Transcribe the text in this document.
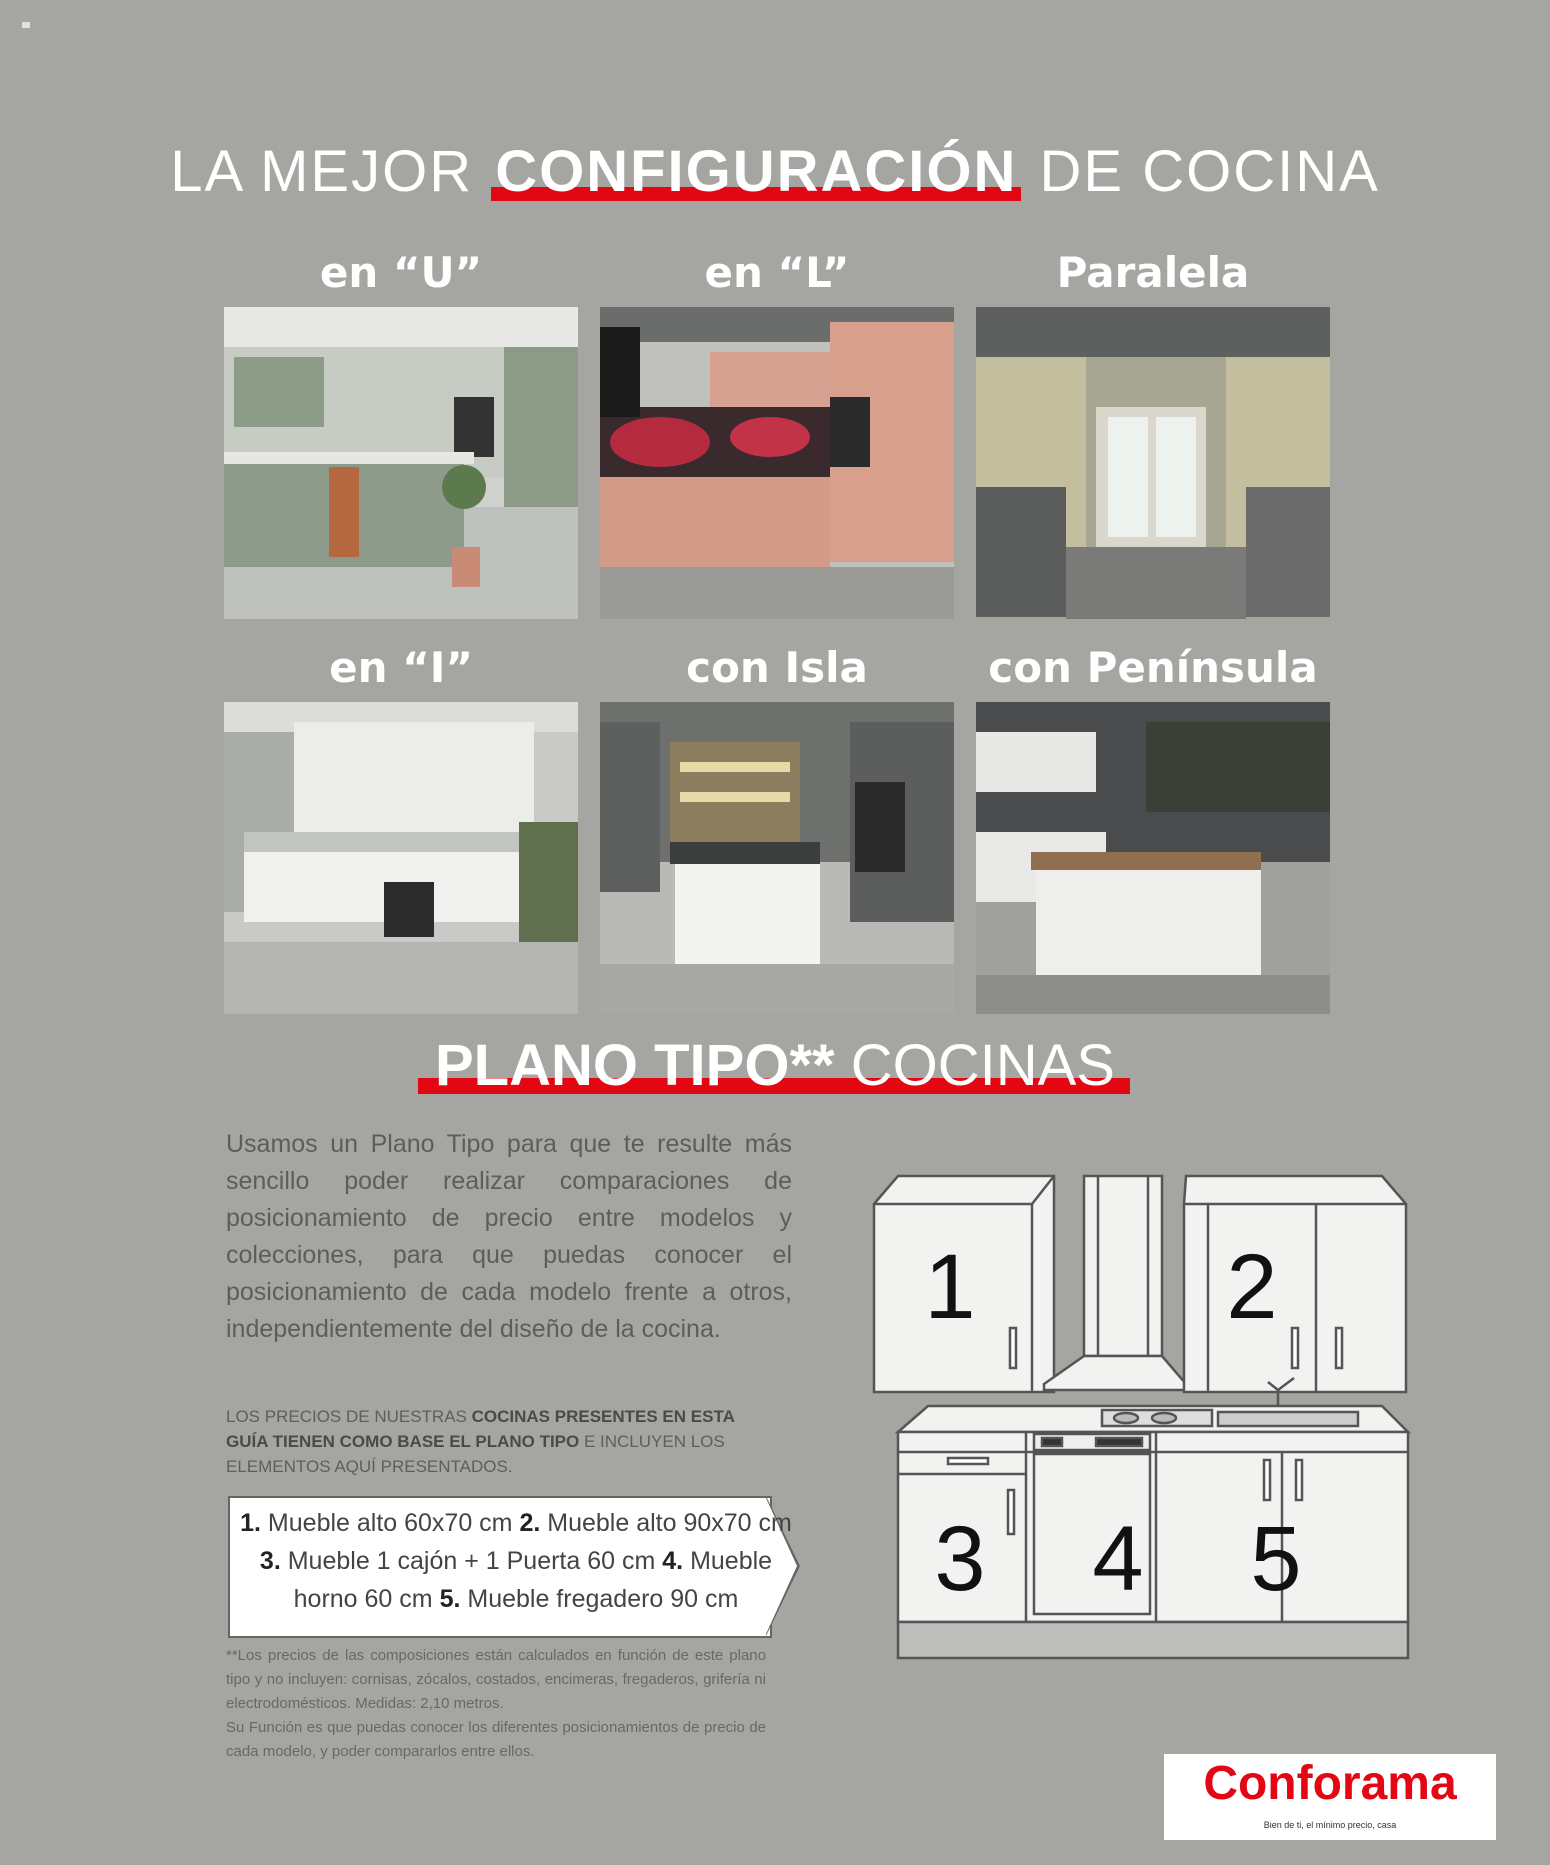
LA MEJOR CONFIGURACIÓN DE COCINA
en “U”	en “L”	Paralela
en “I”	con Isla	con Península
PLANO TIPO** COCINAS
Usamos un Plano Tipo para que te resulte más sencillo poder realizar comparaciones de posicionamiento de precio entre modelos y colecciones, para que puedas conocer el posicionamiento de cada modelo frente a otros, independientemente del diseño de la cocina.
LOS PRECIOS DE NUESTRAS COCINAS PRESENTES EN ESTA GUÍA TIENEN COMO BASE EL PLANO TIPO E INCLUYEN LOS ELEMENTOS AQUÍ PRESENTADOS.
1. Mueble alto 60x70 cm 2. Mueble alto 90x70 cm
3. Mueble 1 cajón + 1 Puerta 60 cm 4. Mueble horno 60 cm 5. Mueble fregadero 90 cm
**Los precios de las composiciones están calculados en función de este plano tipo y no incluyen: cornisas, zócalos, costados, encimeras, fregaderos, grifería ni electrodomésticos. Medidas: 2,10 metros.
Su Función es que puedas conocer los diferentes posicionamientos de precio de cada modelo, y poder compararlos entre ellos.
1	2
3 4 5
Conforama
Bien de ti, el mínimo precio, casa
